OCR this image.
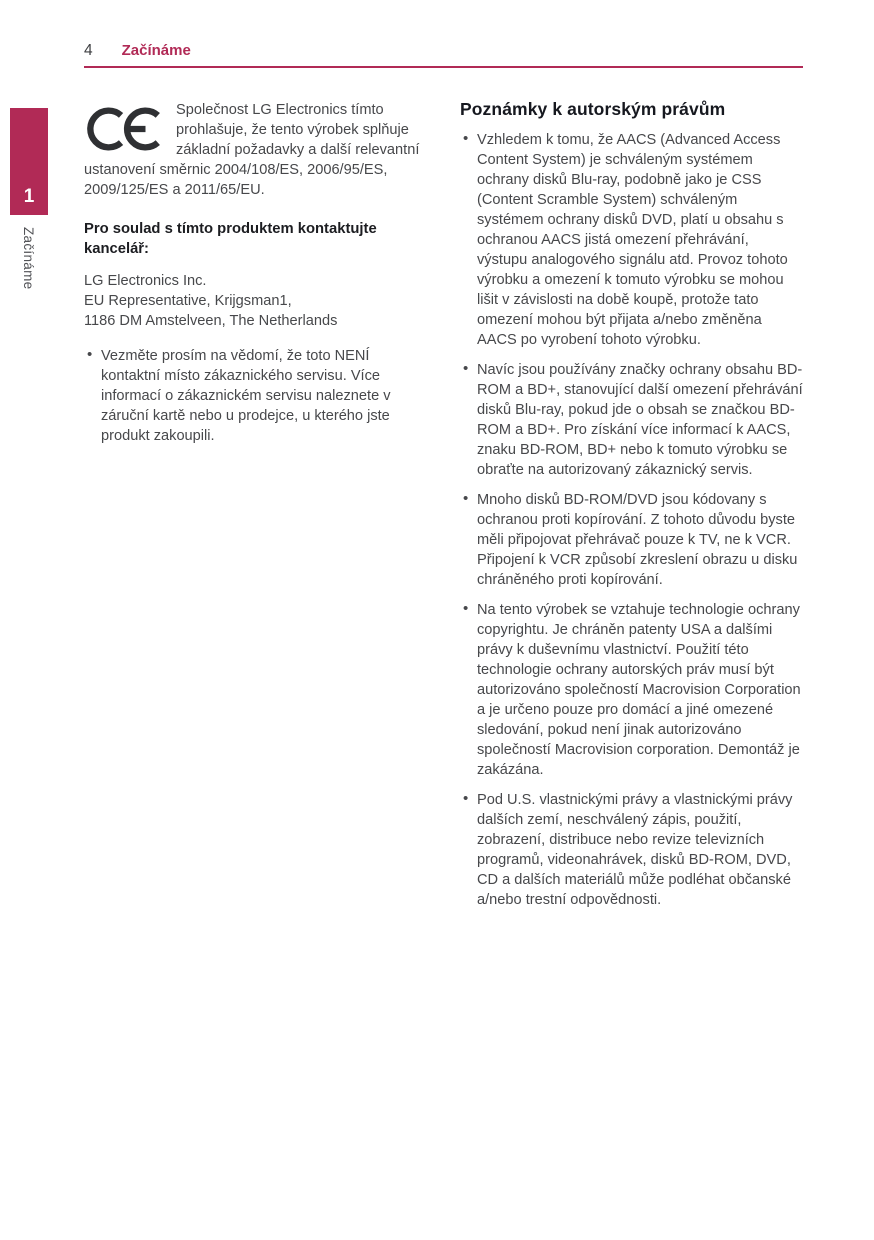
4 Začínáme
1
Začínáme
Společnost LG Electronics tímto prohlašuje, že tento výrobek splňuje základní požadavky a další relevantní ustanovení směrnic 2004/108/ES, 2006/95/ES, 2009/125/ES a 2011/65/EU.
Pro soulad s tímto produktem kontaktujte kancelář:
LG Electronics Inc.
EU Representative, Krijgsman1,
1186 DM Amstelveen, The Netherlands
• Vezměte prosím na vědomí, že toto NENÍ kontaktní místo zákaznického servisu. Více informací o zákaznickém servisu naleznete v záruční kartě nebo u prodejce, u kterého jste produkt zakoupili.
Poznámky k autorským právům
• Vzhledem k tomu, že AACS (Advanced Access Content System) je schváleným systémem ochrany disků Blu-ray, podobně jako je CSS (Content Scramble System) schváleným systémem ochrany disků DVD, platí u obsahu s ochranou AACS jistá omezení přehrávání, výstupu analogového signálu atd. Provoz tohoto výrobku a omezení k tomuto výrobku se mohou lišit v závislosti na době koupě, protože tato omezení mohou být přijata a/nebo změněna AACS po vyrobení tohoto výrobku.
• Navíc jsou používány značky ochrany obsahu BD-ROM a BD+, stanovující další omezení přehrávání disků Blu-ray, pokud jde o obsah se značkou BD-ROM a BD+. Pro získání více informací k AACS, znaku BD-ROM, BD+ nebo k tomuto výrobku se obraťte na autorizovaný zákaznický servis.
• Mnoho disků BD-ROM/DVD jsou kódovany s ochranou proti kopírování. Z tohoto důvodu byste měli připojovat přehrávač pouze k TV, ne k VCR. Připojení k VCR způsobí zkreslení obrazu u disku chráněného proti kopírování.
• Na tento výrobek se vztahuje technologie ochrany copyrightu. Je chráněn patenty USA a dalšími právy k duševnímu vlastnictví. Použití této technologie ochrany autorských práv musí být autorizováno společností Macrovision Corporation a je určeno pouze pro domácí a jiné omezené sledování, pokud není jinak autorizováno společností Macrovision corporation. Demontáž je zakázána.
• Pod U.S. vlastnickými právy a vlastnickými právy dalších zemí, neschválený zápis, použití, zobrazení, distribuce nebo revize televizních programů, videonahrávek, disků BD-ROM, DVD, CD a dalších materiálů může podléhat občanské a/nebo trestní odpovědnosti.
